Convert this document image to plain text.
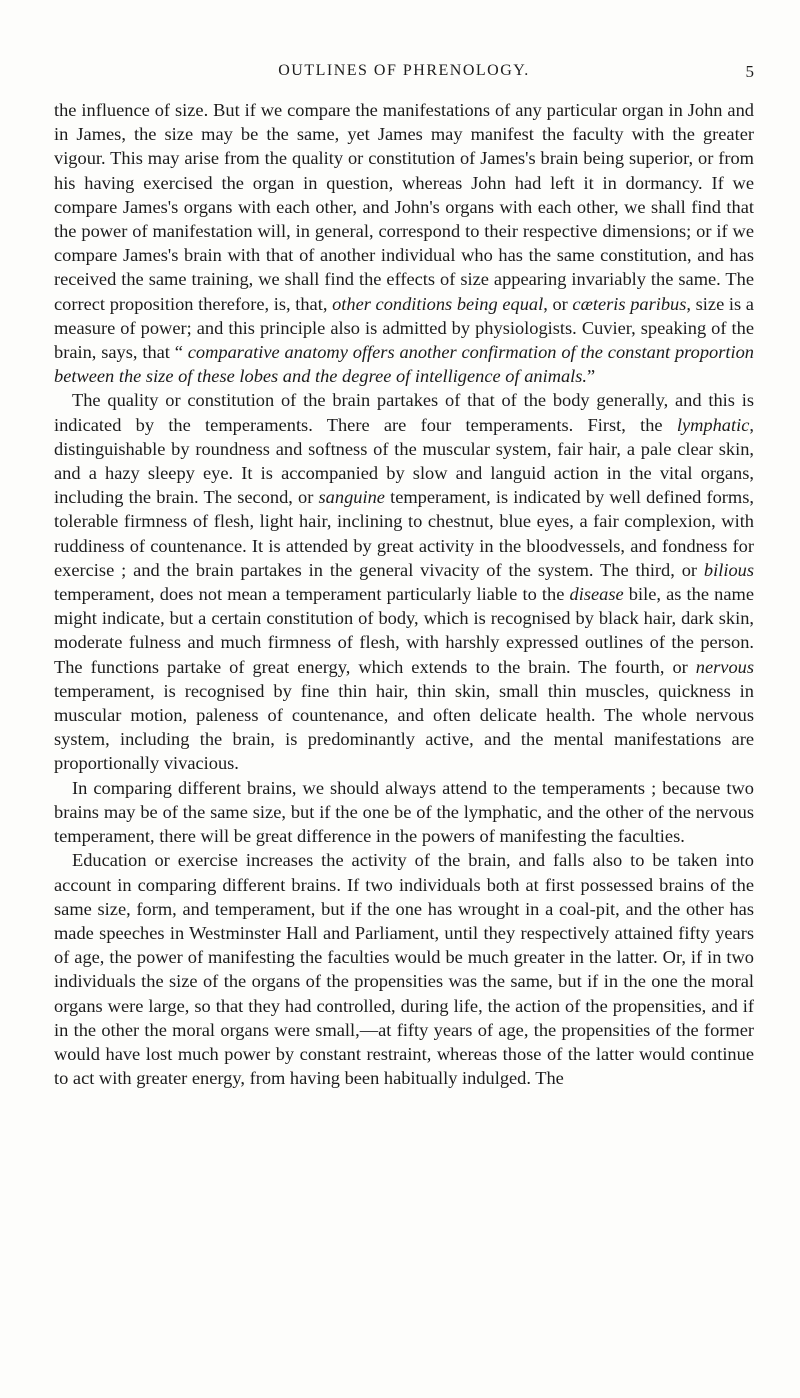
OUTLINES OF PHRENOLOGY.	5

the influence of size. But if we compare the manifestations of any particular organ in John and in James, the size may be the same, yet James may manifest the faculty with the greater vigour. This may arise from the quality or constitution of James's brain being superior, or from his having exercised the organ in question, whereas John had left it in dormancy. If we compare James's organs with each other, and John's organs with each other, we shall find that the power of manifestation will, in general, correspond to their respective dimensions; or if we compare James's brain with that of another individual who has the same constitution, and has received the same training, we shall find the effects of size appearing invariably the same. The correct proposition therefore, is, that, other conditions being equal, or cæteris paribus, size is a measure of power; and this principle also is admitted by physiologists. Cuvier, speaking of the brain, says, that “ comparative anatomy offers another confirmation of the constant proportion between the size of these lobes and the degree of intelligence of animals.”

The quality or constitution of the brain partakes of that of the body generally, and this is indicated by the temperaments. There are four temperaments. First, the lymphatic, distinguishable by roundness and softness of the muscular system, fair hair, a pale clear skin, and a hazy sleepy eye. It is accompanied by slow and languid action in the vital organs, including the brain. The second, or sanguine temperament, is indicated by well defined forms, tolerable firmness of flesh, light hair, inclining to chestnut, blue eyes, a fair complexion, with ruddiness of countenance. It is attended by great activity in the bloodvessels, and fondness for exercise ; and the brain partakes in the general vivacity of the system. The third, or bilious temperament, does not mean a temperament particularly liable to the disease bile, as the name might indicate, but a certain constitution of body, which is recognised by black hair, dark skin, moderate fulness and much firmness of flesh, with harshly expressed outlines of the person. The functions partake of great energy, which extends to the brain. The fourth, or nervous temperament, is recognised by fine thin hair, thin skin, small thin muscles, quickness in muscular motion, paleness of countenance, and often delicate health. The whole nervous system, including the brain, is predominantly active, and the mental manifestations are proportionally vivacious.

In comparing different brains, we should always attend to the temperaments ; because two brains may be of the same size, but if the one be of the lymphatic, and the other of the nervous temperament, there will be great difference in the powers of manifesting the faculties.

Education or exercise increases the activity of the brain, and falls also to be taken into account in comparing different brains. If two individuals both at first possessed brains of the same size, form, and temperament, but if the one has wrought in a coal-pit, and the other has made speeches in Westminster Hall and Parliament, until they respectively attained fifty years of age, the power of manifesting the faculties would be much greater in the latter. Or, if in two individuals the size of the organs of the propensities was the same, but if in the one the moral organs were large, so that they had controlled, during life, the action of the propensities, and if in the other the moral organs were small,—at fifty years of age, the propensities of the former would have lost much power by constant restraint, whereas those of the latter would continue to act with greater energy, from having been habitually indulged. The
